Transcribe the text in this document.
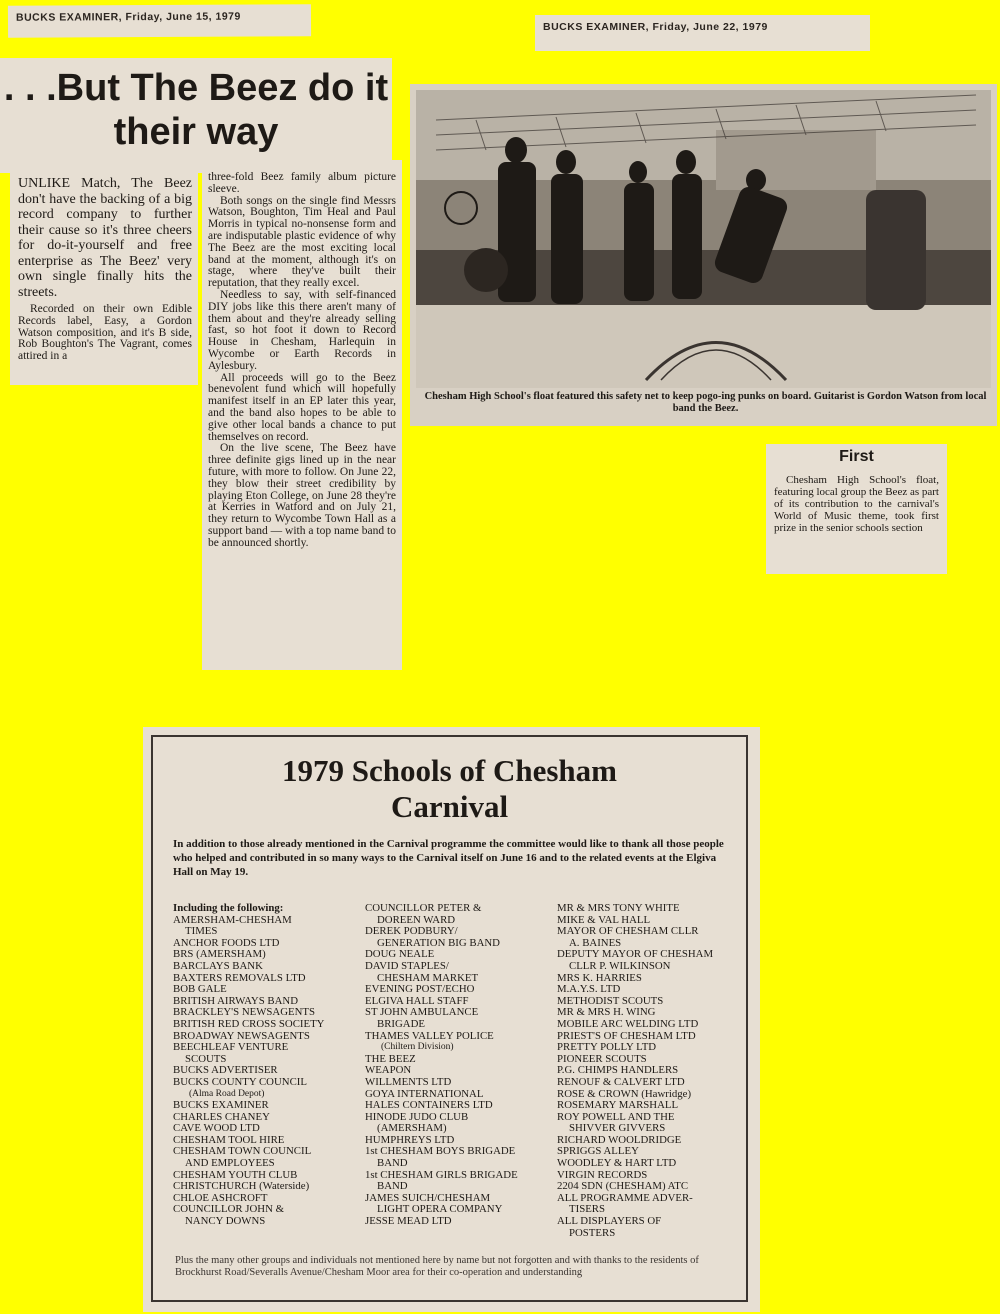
BUCKS EXAMINER, Friday, June 15, 1979
BUCKS EXAMINER, Friday, June 22, 1979
. . .But The Beez do it their way

UNLIKE Match, The Beez don't have the backing of a big record company to further their cause so it's three cheers for do-it-yourself and free enterprise as The Beez' very own single finally hits the streets.

Recorded on their own Edible Records label, Easy, a Gordon Watson composition, and it's B side, Rob Boughton's The Vagrant, comes attired in a

three-fold Beez family album picture sleeve.

Both songs on the single find Messrs Watson, Boughton, Tim Heal and Paul Morris in typical no-nonsense form and are indisputable plastic evidence of why The Beez are the most exciting local band at the moment, although it's on stage, where they've built their reputation, that they really excel.

Needless to say, with self-financed DIY jobs like this there aren't many of them about and they're already selling fast, so hot foot it down to Record House in Chesham, Harlequin in Wycombe or Earth Records in Aylesbury.

All proceeds will go to the Beez benevolent fund which will hopefully manifest itself in an EP later this year, and the band also hopes to be able to give other local bands a chance to put themselves on record.

On the live scene, The Beez have three definite gigs lined up in the near future, with more to follow. On June 22, they blow their street credibility by playing Eton College, on June 28 they're at Kerries in Watford and on July 21, they return to Wycombe Town Hall as a support band — with a top name band to be announced shortly.

Chesham High School's float featured this safety net to keep pogo-ing punks on board. Guitarist is Gordon Watson from local band the Beez.

First

Chesham High School's float, featuring local group the Beez as part of its contribution to the carnival's World of Music theme, took first prize in the senior schools section

1979 Schools of Chesham
Carnival

In addition to those already mentioned in the Carnival programme the committee would like to thank all those people who helped and contributed in so many ways to the Carnival itself on June 16 and to the related events at the Elgiva Hall on May 19.

Including the following:
AMERSHAM-CHESHAM
TIMES
ANCHOR FOODS LTD
BRS (AMERSHAM)
BARCLAYS BANK
BAXTERS REMOVALS LTD
BOB GALE
BRITISH AIRWAYS BAND
BRACKLEY'S NEWSAGENTS
BRITISH RED CROSS SOCIETY
BROADWAY NEWSAGENTS
BEECHLEAF VENTURE
SCOUTS
BUCKS ADVERTISER
BUCKS COUNTY COUNCIL
(Alma Road Depot)
BUCKS EXAMINER
CHARLES CHANEY
CAVE WOOD LTD
CHESHAM TOOL HIRE
CHESHAM TOWN COUNCIL
AND EMPLOYEES
CHESHAM YOUTH CLUB
CHRISTCHURCH (Waterside)
CHLOE ASHCROFT
COUNCILLOR JOHN &
NANCY DOWNS
COUNCILLOR PETER &
DOREEN WARD
DEREK PODBURY/
GENERATION BIG BAND
DOUG NEALE
DAVID STAPLES/
CHESHAM MARKET
EVENING POST/ECHO
ELGIVA HALL STAFF
ST JOHN AMBULANCE
BRIGADE
THAMES VALLEY POLICE
(Chiltern Division)
THE BEEZ
WEAPON
WILLMENTS LTD
GOYA INTERNATIONAL
HALES CONTAINERS LTD
HINODE JUDO CLUB
(AMERSHAM)
HUMPHREYS LTD
1st CHESHAM BOYS BRIGADE
BAND
1st CHESHAM GIRLS BRIGADE
BAND
JAMES SUICH/CHESHAM
LIGHT OPERA COMPANY
JESSE MEAD LTD
MR & MRS TONY WHITE
MIKE & VAL HALL
MAYOR OF CHESHAM CLLR
A. BAINES
DEPUTY MAYOR OF CHESHAM
CLLR P. WILKINSON
MRS K. HARRIES
M.A.Y.S. LTD
METHODIST SCOUTS
MR & MRS H. WING
MOBILE ARC WELDING LTD
PRIEST'S OF CHESHAM LTD
PRETTY POLLY LTD
PIONEER SCOUTS
P.G. CHIMPS HANDLERS
RENOUF & CALVERT LTD
ROSE & CROWN (Hawridge)
ROSEMARY MARSHALL
ROY POWELL AND THE
SHIVVER GIVVERS
RICHARD WOOLDRIDGE
SPRIGGS ALLEY
WOODLEY & HART LTD
VIRGIN RECORDS
2204 SDN (CHESHAM) ATC
ALL PROGRAMME ADVER-
TISERS
ALL DISPLAYERS OF
POSTERS

Plus the many other groups and individuals not mentioned here by name but not forgotten and with thanks to the residents of Brockhurst Road/Severalls Avenue/Chesham Moor area for their co-operation and understanding
